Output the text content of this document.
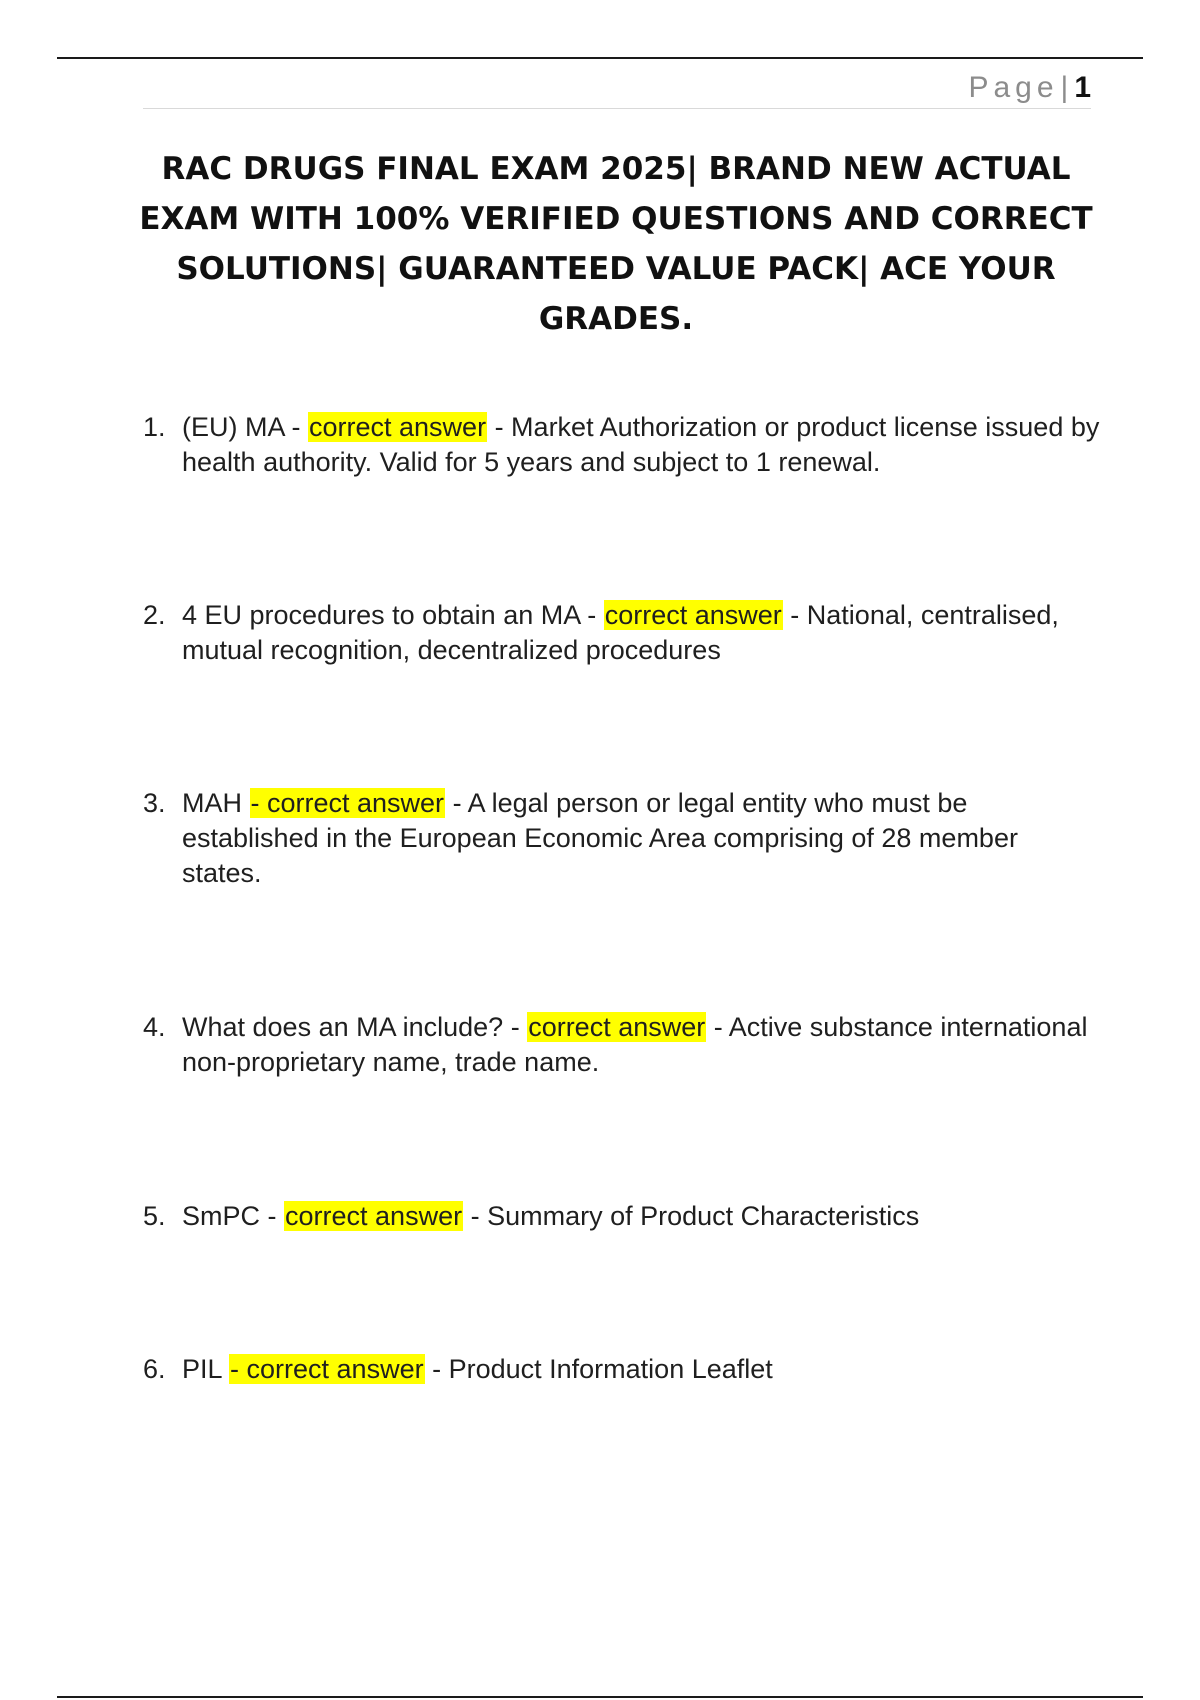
Page| 1
RAC DRUGS FINAL EXAM 2025| BRAND NEW ACTUAL EXAM WITH 100% VERIFIED QUESTIONS AND CORRECT SOLUTIONS| GUARANTEED VALUE PACK| ACE YOUR GRADES.
1. (EU) MA - correct answer - Market Authorization or product license issued by health authority. Valid for 5 years and subject to 1 renewal.
2. 4 EU procedures to obtain an MA - correct answer - National, centralised, mutual recognition, decentralized procedures
3. MAH - correct answer - A legal person or legal entity who must be established in the European Economic Area comprising of 28 member states.
4. What does an MA include? - correct answer - Active substance international non-proprietary name, trade name.
5. SmPC - correct answer - Summary of Product Characteristics
6. PIL - correct answer - Product Information Leaflet
